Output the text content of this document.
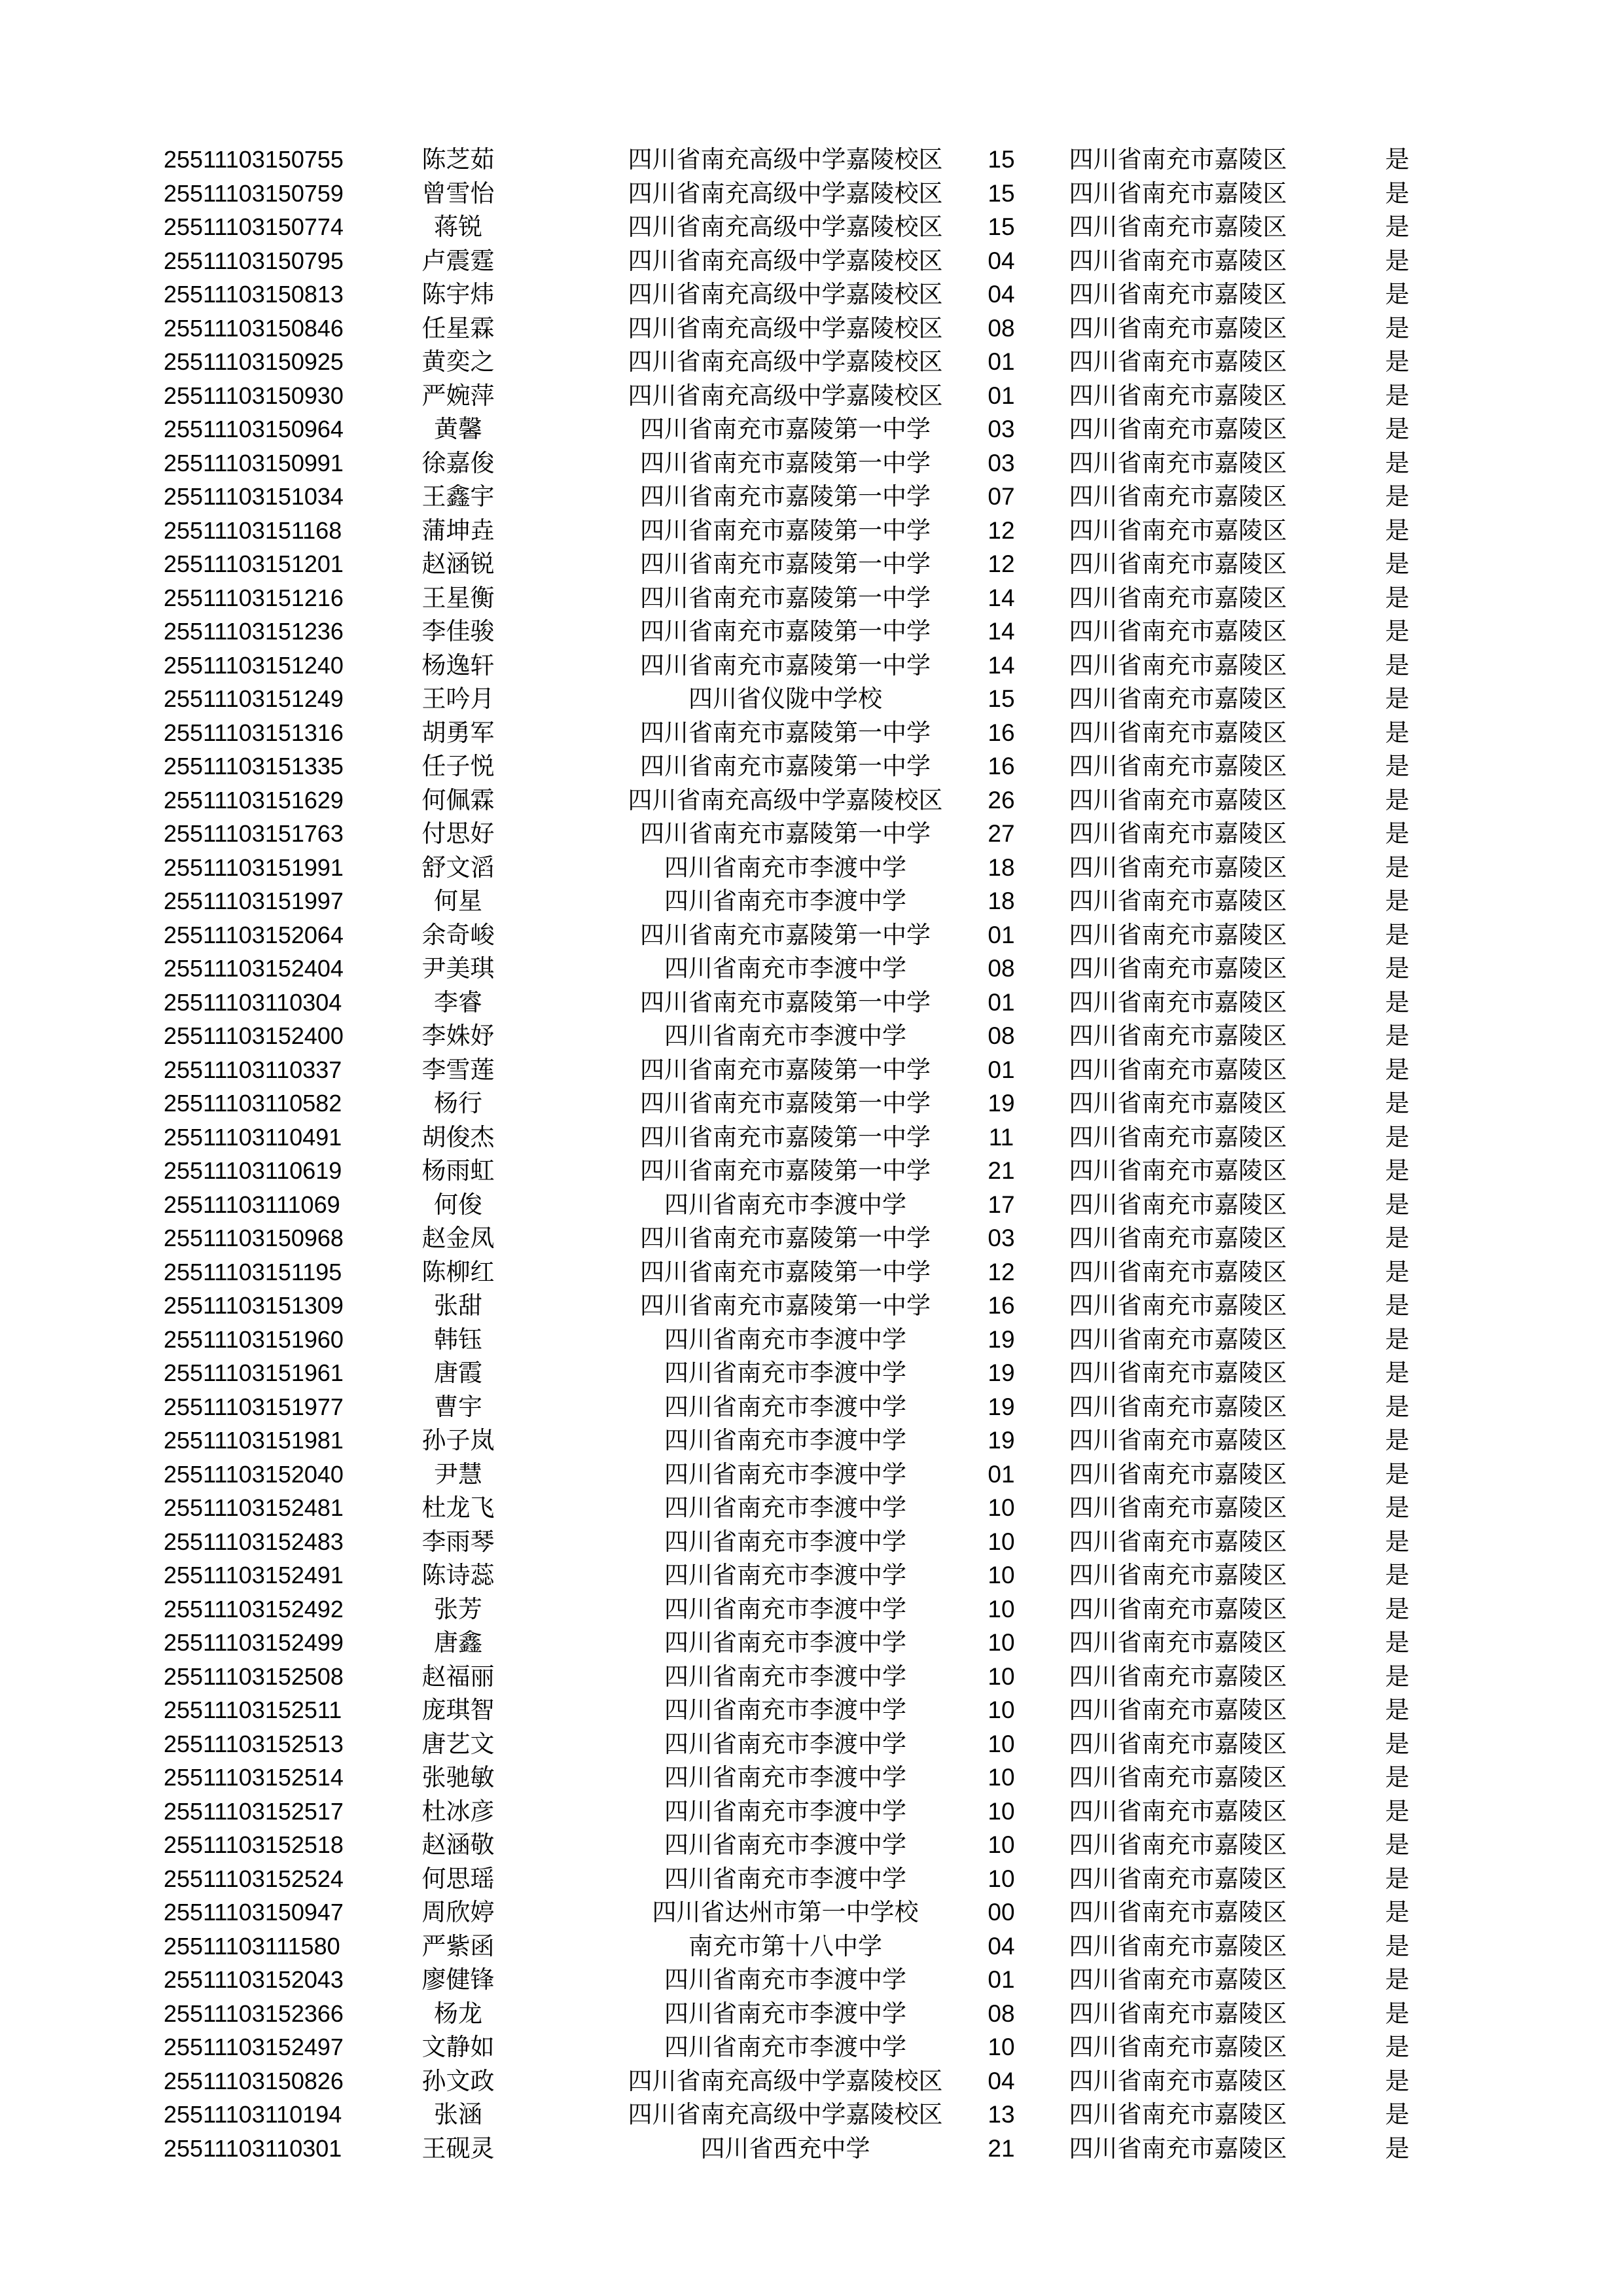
25511103150755	陈芝茹	四川省南充高级中学嘉陵校区	15	四川省南充市嘉陵区	是
25511103150759	曾雪怡	四川省南充高级中学嘉陵校区	15	四川省南充市嘉陵区	是
25511103150774	蒋锐	四川省南充高级中学嘉陵校区	15	四川省南充市嘉陵区	是
25511103150795	卢震霆	四川省南充高级中学嘉陵校区	04	四川省南充市嘉陵区	是
25511103150813	陈宇炜	四川省南充高级中学嘉陵校区	04	四川省南充市嘉陵区	是
25511103150846	任星霖	四川省南充高级中学嘉陵校区	08	四川省南充市嘉陵区	是
25511103150925	黄奕之	四川省南充高级中学嘉陵校区	01	四川省南充市嘉陵区	是
25511103150930	严婉萍	四川省南充高级中学嘉陵校区	01	四川省南充市嘉陵区	是
25511103150964	黄馨	四川省南充市嘉陵第一中学	03	四川省南充市嘉陵区	是
25511103150991	徐嘉俊	四川省南充市嘉陵第一中学	03	四川省南充市嘉陵区	是
25511103151034	王鑫宇	四川省南充市嘉陵第一中学	07	四川省南充市嘉陵区	是
25511103151168	蒲坤垚	四川省南充市嘉陵第一中学	12	四川省南充市嘉陵区	是
25511103151201	赵涵锐	四川省南充市嘉陵第一中学	12	四川省南充市嘉陵区	是
25511103151216	王星衡	四川省南充市嘉陵第一中学	14	四川省南充市嘉陵区	是
25511103151236	李佳骏	四川省南充市嘉陵第一中学	14	四川省南充市嘉陵区	是
25511103151240	杨逸轩	四川省南充市嘉陵第一中学	14	四川省南充市嘉陵区	是
25511103151249	王吟月	四川省仪陇中学校	15	四川省南充市嘉陵区	是
25511103151316	胡勇军	四川省南充市嘉陵第一中学	16	四川省南充市嘉陵区	是
25511103151335	任子悦	四川省南充市嘉陵第一中学	16	四川省南充市嘉陵区	是
25511103151629	何佩霖	四川省南充高级中学嘉陵校区	26	四川省南充市嘉陵区	是
25511103151763	付思好	四川省南充市嘉陵第一中学	27	四川省南充市嘉陵区	是
25511103151991	舒文滔	四川省南充市李渡中学	18	四川省南充市嘉陵区	是
25511103151997	何星	四川省南充市李渡中学	18	四川省南充市嘉陵区	是
25511103152064	余奇峻	四川省南充市嘉陵第一中学	01	四川省南充市嘉陵区	是
25511103152404	尹美琪	四川省南充市李渡中学	08	四川省南充市嘉陵区	是
25511103110304	李睿	四川省南充市嘉陵第一中学	01	四川省南充市嘉陵区	是
25511103152400	李姝妤	四川省南充市李渡中学	08	四川省南充市嘉陵区	是
25511103110337	李雪莲	四川省南充市嘉陵第一中学	01	四川省南充市嘉陵区	是
25511103110582	杨行	四川省南充市嘉陵第一中学	19	四川省南充市嘉陵区	是
25511103110491	胡俊杰	四川省南充市嘉陵第一中学	11	四川省南充市嘉陵区	是
25511103110619	杨雨虹	四川省南充市嘉陵第一中学	21	四川省南充市嘉陵区	是
25511103111069	何俊	四川省南充市李渡中学	17	四川省南充市嘉陵区	是
25511103150968	赵金凤	四川省南充市嘉陵第一中学	03	四川省南充市嘉陵区	是
25511103151195	陈柳红	四川省南充市嘉陵第一中学	12	四川省南充市嘉陵区	是
25511103151309	张甜	四川省南充市嘉陵第一中学	16	四川省南充市嘉陵区	是
25511103151960	韩钰	四川省南充市李渡中学	19	四川省南充市嘉陵区	是
25511103151961	唐霞	四川省南充市李渡中学	19	四川省南充市嘉陵区	是
25511103151977	曹宇	四川省南充市李渡中学	19	四川省南充市嘉陵区	是
25511103151981	孙子岚	四川省南充市李渡中学	19	四川省南充市嘉陵区	是
25511103152040	尹慧	四川省南充市李渡中学	01	四川省南充市嘉陵区	是
25511103152481	杜龙飞	四川省南充市李渡中学	10	四川省南充市嘉陵区	是
25511103152483	李雨琴	四川省南充市李渡中学	10	四川省南充市嘉陵区	是
25511103152491	陈诗蕊	四川省南充市李渡中学	10	四川省南充市嘉陵区	是
25511103152492	张芳	四川省南充市李渡中学	10	四川省南充市嘉陵区	是
25511103152499	唐鑫	四川省南充市李渡中学	10	四川省南充市嘉陵区	是
25511103152508	赵福丽	四川省南充市李渡中学	10	四川省南充市嘉陵区	是
25511103152511	庞琪智	四川省南充市李渡中学	10	四川省南充市嘉陵区	是
25511103152513	唐艺文	四川省南充市李渡中学	10	四川省南充市嘉陵区	是
25511103152514	张驰敏	四川省南充市李渡中学	10	四川省南充市嘉陵区	是
25511103152517	杜冰彦	四川省南充市李渡中学	10	四川省南充市嘉陵区	是
25511103152518	赵涵敬	四川省南充市李渡中学	10	四川省南充市嘉陵区	是
25511103152524	何思瑶	四川省南充市李渡中学	10	四川省南充市嘉陵区	是
25511103150947	周欣婷	四川省达州市第一中学校	00	四川省南充市嘉陵区	是
25511103111580	严紫函	南充市第十八中学	04	四川省南充市嘉陵区	是
25511103152043	廖健锋	四川省南充市李渡中学	01	四川省南充市嘉陵区	是
25511103152366	杨龙	四川省南充市李渡中学	08	四川省南充市嘉陵区	是
25511103152497	文静如	四川省南充市李渡中学	10	四川省南充市嘉陵区	是
25511103150826	孙文政	四川省南充高级中学嘉陵校区	04	四川省南充市嘉陵区	是
25511103110194	张涵	四川省南充高级中学嘉陵校区	13	四川省南充市嘉陵区	是
25511103110301	王砚灵	四川省西充中学	21	四川省南充市嘉陵区	是
